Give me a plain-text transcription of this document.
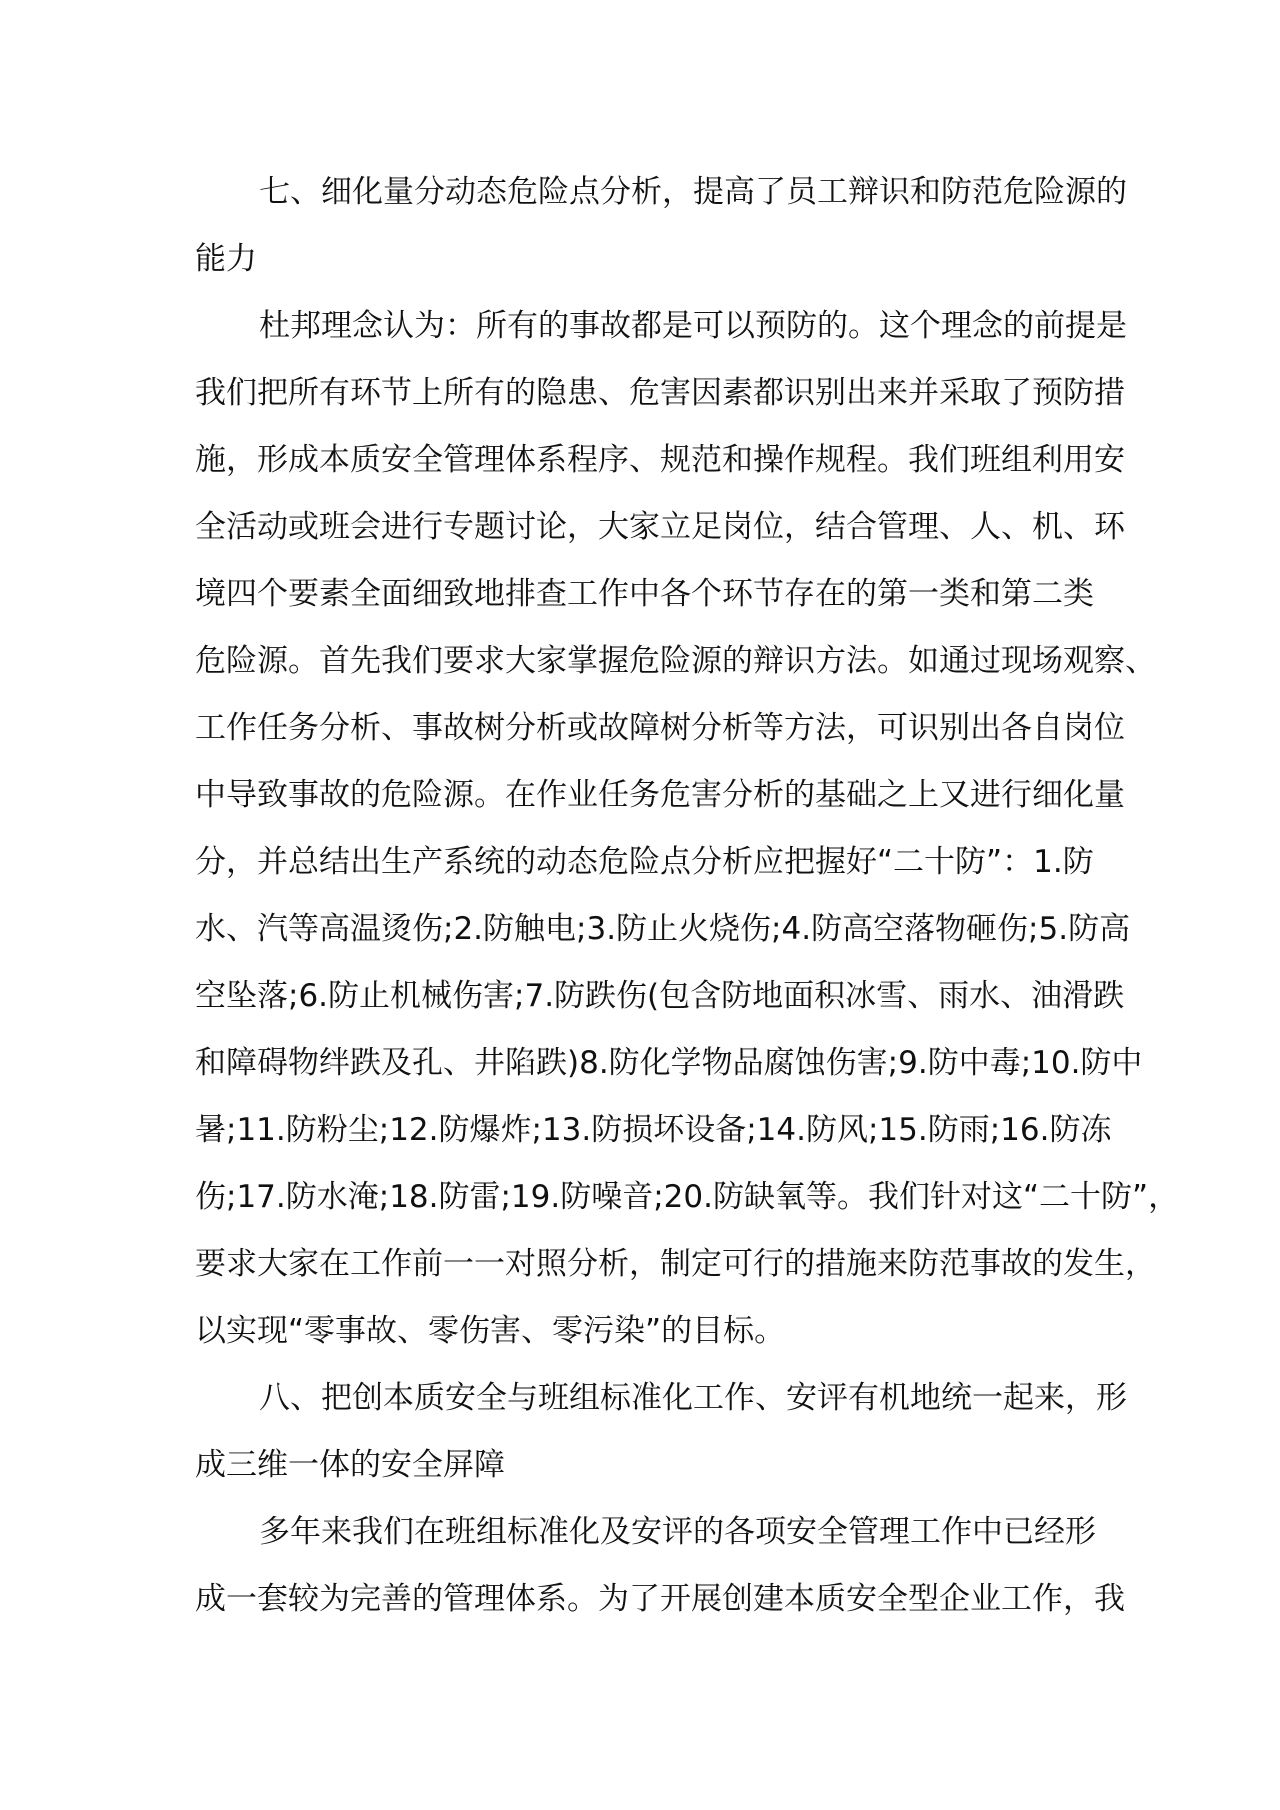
七、细化量分动态危险点分析，提高了员工辩识和防范危险源的
能力
杜邦理念认为：所有的事故都是可以预防的。这个理念的前提是
我们把所有环节上所有的隐患、危害因素都识别出来并采取了预防措
施，形成本质安全管理体系程序、规范和操作规程。我们班组利用安
全活动或班会进行专题讨论，大家立足岗位，结合管理、人、机、环
境四个要素全面细致地排查工作中各个环节存在的第一类和第二类
危险源。首先我们要求大家掌握危险源的辩识方法。如通过现场观察、
工作任务分析、事故树分析或故障树分析等方法，可识别出各自岗位
中导致事故的危险源。在作业任务危害分析的基础之上又进行细化量
分，并总结出生产系统的动态危险点分析应把握好“二十防”：1.防
水、汽等高温烫伤;2.防触电;3.防止火烧伤;4.防高空落物砸伤;5.防高
空坠落;6.防止机械伤害;7.防跌伤(包含防地面积冰雪、雨水、油滑跌
和障碍物绊跌及孔、井陷跌)8.防化学物品腐蚀伤害;9.防中毒;10.防中
暑;11.防粉尘;12.防爆炸;13.防损坏设备;14.防风;15.防雨;16.防冻
伤;17.防水淹;18.防雷;19.防噪音;20.防缺氧等。我们针对这“二十防”，
要求大家在工作前一一对照分析，制定可行的措施来防范事故的发生，
以实现“零事故、零伤害、零污染”的目标。
八、把创本质安全与班组标准化工作、安评有机地统一起来，形
成三维一体的安全屏障
多年来我们在班组标准化及安评的各项安全管理工作中已经形
成一套较为完善的管理体系。为了开展创建本质安全型企业工作，我
